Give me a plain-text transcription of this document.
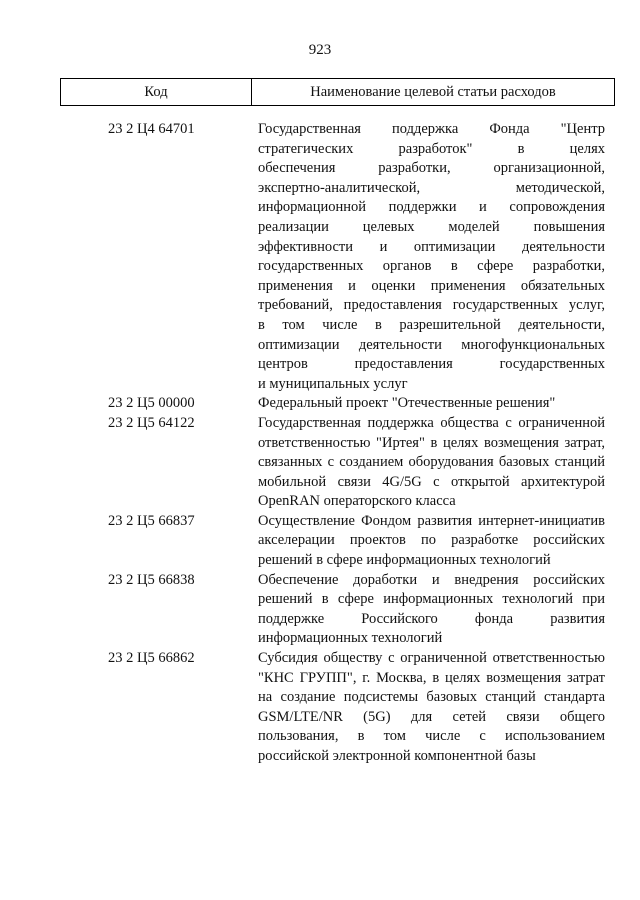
923
Код	Наименование целевой статьи расходов
23 2 Ц4 64701	Государственная поддержка Фонда "Центр
стратегических разработок" в целях
обеспечения разработки, организационной,
экспертно-аналитической, методической,
информационной поддержки и сопровождения
реализации целевых моделей повышения
эффективности и оптимизации деятельности
государственных органов в сфере разработки,
применения и оценки применения обязательных
требований, предоставления государственных услуг,
в том числе в разрешительной деятельности,
оптимизации деятельности многофункциональных
центров предоставления государственных
и муниципальных услуг
23 2 Ц5 00000	Федеральный проект "Отечественные решения"
23 2 Ц5 64122	Государственная поддержка общества с ограниченной
ответственностью "Иртея" в целях возмещения затрат,
связанных с созданием оборудования базовых станций
мобильной связи 4G/5G с открытой архитектурой
OpenRAN операторского класса
23 2 Ц5 66837	Осуществление Фондом развития интернет-инициатив
акселерации проектов по разработке российских
решений в сфере информационных технологий
23 2 Ц5 66838	Обеспечение доработки и внедрения российских
решений в сфере информационных технологий при
поддержке Российского фонда развития
информационных технологий
23 2 Ц5 66862	Субсидия обществу с ограниченной ответственностью
"КНС ГРУПП", г. Москва, в целях возмещения затрат
на создание подсистемы базовых станций стандарта
GSM/LTE/NR (5G) для сетей связи общего
пользования, в том числе с использованием
российской электронной компонентной базы
